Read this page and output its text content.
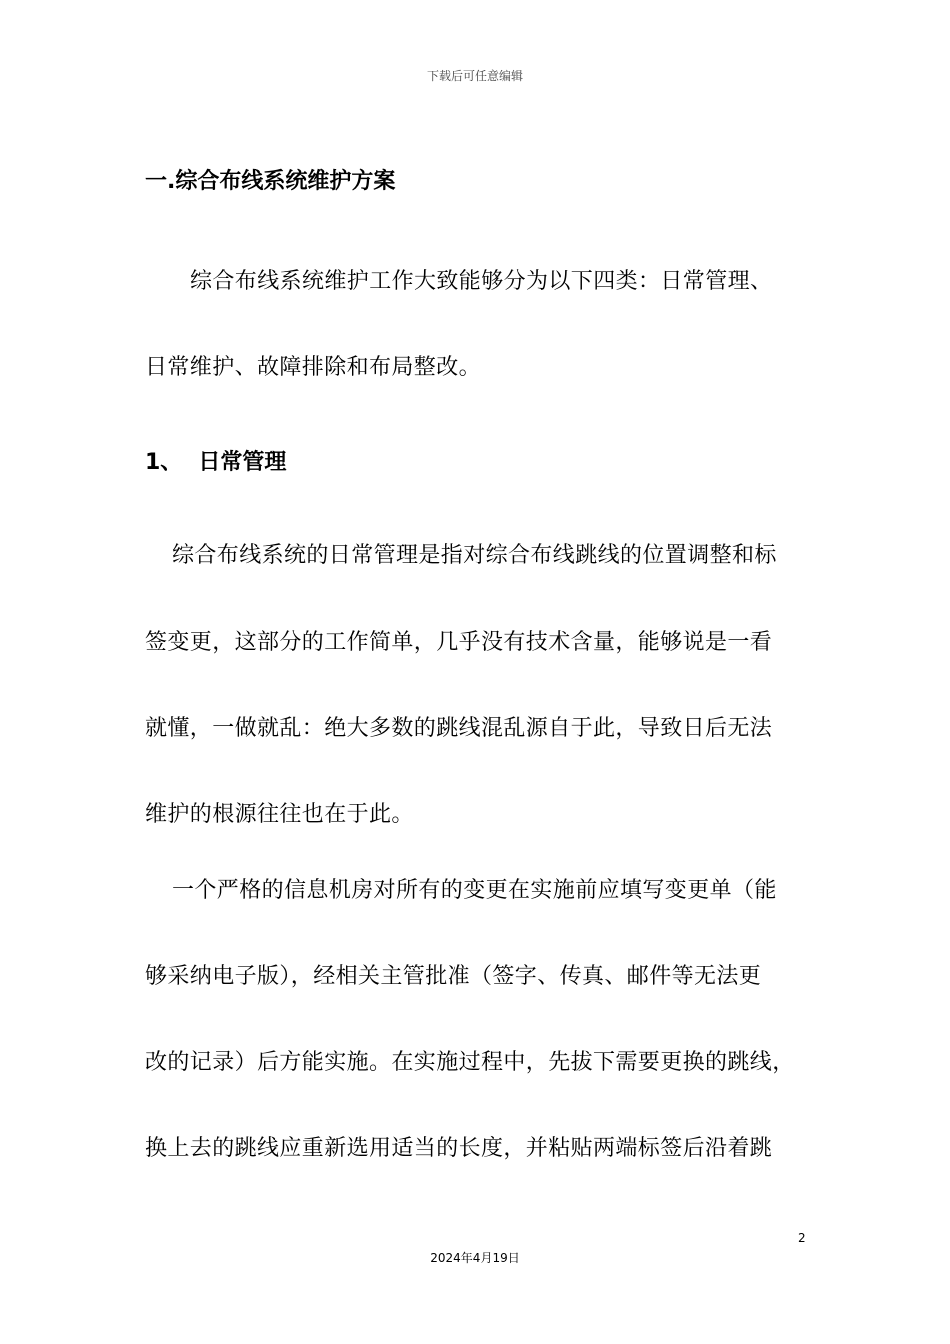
下载后可任意编辑
一.综合布线系统维护方案
综合布线系统维护工作大致能够分为以下四类：日常管理、
日常维护、故障排除和布局整改。
1、 日常管理
综合布线系统的日常管理是指对综合布线跳线的位置调整和标
签变更，这部分的工作简单，几乎没有技术含量，能够说是一看
就懂，一做就乱：绝大多数的跳线混乱源自于此，导致日后无法
维护的根源往往也在于此。
一个严格的信息机房对所有的变更在实施前应填写变更单（能
够采纳电子版），经相关主管批准（签字、传真、邮件等无法更
改的记录）后方能实施。在实施过程中，先拔下需要更换的跳线，
换上去的跳线应重新选用适当的长度，并粘贴两端标签后沿着跳
2
2024年4月19日
